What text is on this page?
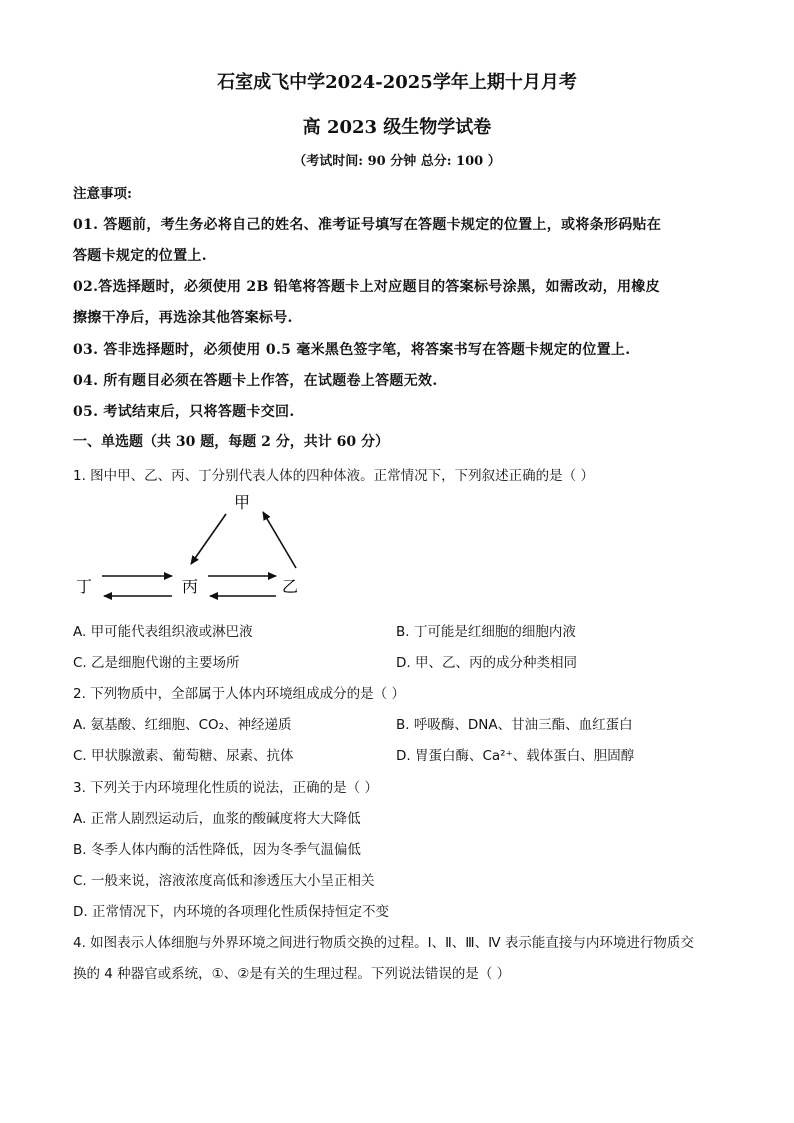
石室成飞中学2024-2025学年上期十月月考
高 2023 级生物学试卷
（考试时间: 90 分钟 总分: 100 ）
注意事项:
01. 答题前，考生务必将自己的姓名、准考证号填写在答题卡规定的位置上，或将条形码贴在
答题卡规定的位置上.
02.答选择题时，必须使用 2B 铅笔将答题卡上对应题目的答案标号涂黑，如需改动，用橡皮
擦擦干净后，再选涂其他答案标号.
03. 答非选择题时，必须使用 0.5 毫米黑色签字笔，将答案书写在答题卡规定的位置上.
04. 所有题目必须在答题卡上作答，在试题卷上答题无效.
05. 考试结束后，只将答题卡交回.
一、单选题（共 30 题，每题 2 分，共计 60 分）
1. 图中甲、乙、丙、丁分别代表人体的四种体液。正常情况下，下列叙述正确的是（ ）
甲
丁	丙	乙
A. 甲可能代表组织液或淋巴液	B. 丁可能是红细胞的细胞内液
C. 乙是细胞代谢的主要场所	D. 甲、乙、丙的成分种类相同
2. 下列物质中，全部属于人体内环境组成成分的是（ ）
A. 氨基酸、红细胞、CO₂、神经递质	B. 呼吸酶、DNA、甘油三酯、血红蛋白
C. 甲状腺激素、葡萄糖、尿素、抗体	D. 胃蛋白酶、Ca²⁺、载体蛋白、胆固醇
3. 下列关于内环境理化性质的说法，正确的是（ ）
A. 正常人剧烈运动后，血浆的酸碱度将大大降低
B. 冬季人体内酶的活性降低，因为冬季气温偏低
C. 一般来说，溶液浓度高低和渗透压大小呈正相关
D. 正常情况下，内环境的各项理化性质保持恒定不变
4. 如图表示人体细胞与外界环境之间进行物质交换的过程。Ⅰ、Ⅱ、Ⅲ、Ⅳ 表示能直接与内环境进行物质交
换的 4 种器官或系统，①、②是有关的生理过程。下列说法错误的是（ ）
